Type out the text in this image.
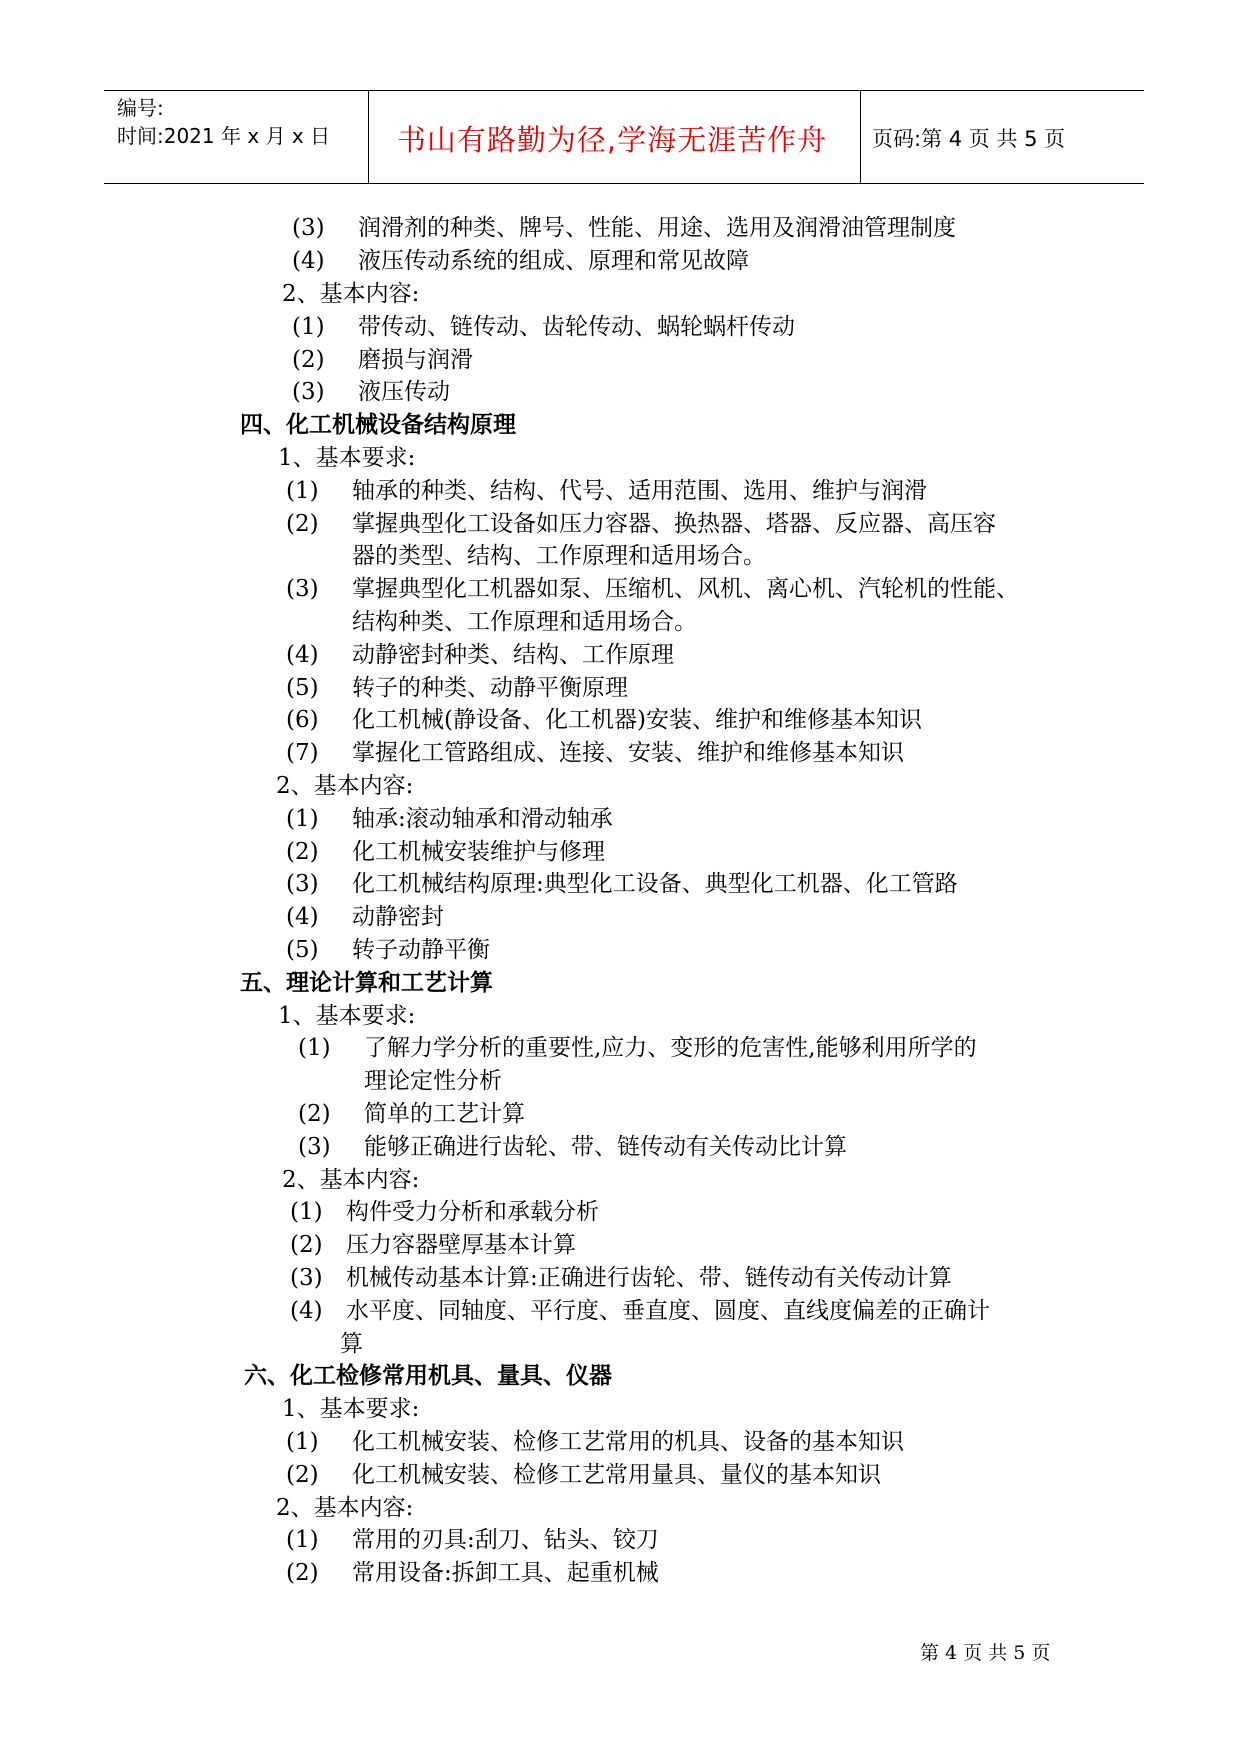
编号:
时间:2021 年 x 月 x 日	书山有路勤为径,学海无涯苦作舟	页码:第 4 页 共 5 页
(3) 润滑剂的种类、牌号、性能、用途、选用及润滑油管理制度
(4) 液压传动系统的组成、原理和常见故障
2、基本内容:
(1) 带传动、链传动、齿轮传动、蜗轮蜗杆传动
(2) 磨损与润滑
(3) 液压传动
四、化工机械设备结构原理
1、基本要求:
(1) 轴承的种类、结构、代号、适用范围、选用、维护与润滑
(2) 掌握典型化工设备如压力容器、换热器、塔器、反应器、高压容
器的类型、结构、工作原理和适用场合。
(3) 掌握典型化工机器如泵、压缩机、风机、离心机、汽轮机的性能、
结构种类、工作原理和适用场合。
(4) 动静密封种类、结构、工作原理
(5) 转子的种类、动静平衡原理
(6) 化工机械(静设备、化工机器)安装、维护和维修基本知识
(7) 掌握化工管路组成、连接、安装、维护和维修基本知识
2、基本内容:
(1) 轴承:滚动轴承和滑动轴承
(2) 化工机械安装维护与修理
(3) 化工机械结构原理:典型化工设备、典型化工机器、化工管路
(4) 动静密封
(5) 转子动静平衡
五、理论计算和工艺计算
1、基本要求:
(1) 了解力学分析的重要性,应力、变形的危害性,能够利用所学的
理论定性分析
(2) 简单的工艺计算
(3) 能够正确进行齿轮、带、链传动有关传动比计算
2、基本内容:
(1) 构件受力分析和承载分析
(2) 压力容器壁厚基本计算
(3) 机械传动基本计算:正确进行齿轮、带、链传动有关传动计算
(4) 水平度、同轴度、平行度、垂直度、圆度、直线度偏差的正确计
算
六、化工检修常用机具、量具、仪器
1、基本要求:
(1) 化工机械安装、检修工艺常用的机具、设备的基本知识
(2) 化工机械安装、检修工艺常用量具、量仪的基本知识
2、基本内容:
(1) 常用的刃具:刮刀、钻头、铰刀
(2) 常用设备:拆卸工具、起重机械
第 4 页 共 5 页
